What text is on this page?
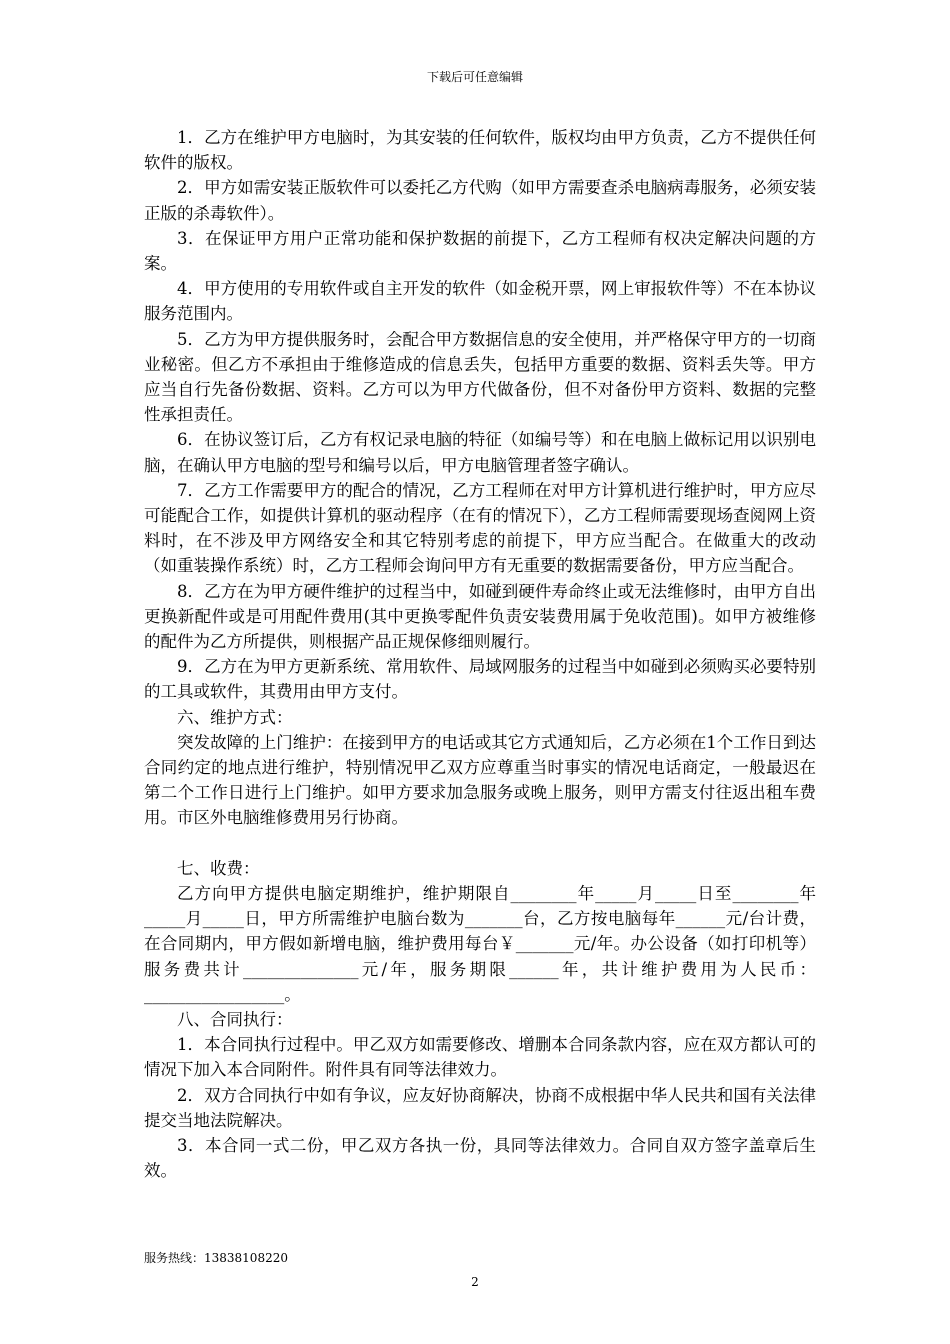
下载后可任意编辑

1．乙方在维护甲方电脑时，为其安装的任何软件，版权均由甲方负责，乙方不提供任何软件的版权。

2．甲方如需安装正版软件可以委托乙方代购（如甲方需要查杀电脑病毒服务，必须安装正版的杀毒软件）。

3．在保证甲方用户正常功能和保护数据的前提下，乙方工程师有权决定解决问题的方案。

4．甲方使用的专用软件或自主开发的软件（如金税开票，网上审报软件等）不在本协议服务范围内。

5．乙方为甲方提供服务时，会配合甲方数据信息的安全使用，并严格保守甲方的一切商业秘密。但乙方不承担由于维修造成的信息丢失，包括甲方重要的数据、资料丢失等。甲方应当自行先备份数据、资料。乙方可以为甲方代做备份，但不对备份甲方资料、数据的完整性承担责任。

6．在协议签订后，乙方有权记录电脑的特征（如编号等）和在电脑上做标记用以识别电脑，在确认甲方电脑的型号和编号以后，甲方电脑管理者签字确认。

7．乙方工作需要甲方的配合的情况，乙方工程师在对甲方计算机进行维护时，甲方应尽可能配合工作，如提供计算机的驱动程序（在有的情况下），乙方工程师需要现场查阅网上资料时，在不涉及甲方网络安全和其它特别考虑的前提下，甲方应当配合。在做重大的改动（如重装操作系统）时，乙方工程师会询问甲方有无重要的数据需要备份，甲方应当配合。

8．乙方在为甲方硬件维护的过程当中，如碰到硬件寿命终止或无法维修时，由甲方自出更换新配件或是可用配件费用(其中更换零配件负责安装费用属于免收范围)。如甲方被维修的配件为乙方所提供，则根据产品正规保修细则履行。

9．乙方在为甲方更新系统、常用软件、局域网服务的过程当中如碰到必须购买必要特别的工具或软件，其费用由甲方支付。

六、维护方式：

突发故障的上门维护：在接到甲方的电话或其它方式通知后，乙方必须在1个工作日到达合同约定的地点进行维护，特别情况甲乙双方应尊重当时事实的情况电话商定，一般最迟在第二个工作日进行上门维护。如甲方要求加急服务或晚上服务，则甲方需支付往返出租车费用。市区外电脑维修费用另行协商。

七、收费：

乙方向甲方提供电脑定期维护，维护期限自________年_____月_____日至________年_____月_____日，甲方所需维护电脑台数为_______台，乙方按电脑每年______元/台计费，在合同期内，甲方假如新增电脑，维护费用每台￥_______元/年。办公设备（如打印机等）服务费共计______________元/年，服务期限______年，共计维护费用为人民币：_________________。

八、合同执行：

1．本合同执行过程中。甲乙双方如需要修改、增删本合同条款内容，应在双方都认可的情况下加入本合同附件。附件具有同等法律效力。

2．双方合同执行中如有争议，应友好协商解决，协商不成根据中华人民共和国有关法律提交当地法院解决。

3．本合同一式二份，甲乙双方各执一份，具同等法律效力。合同自双方签字盖章后生效。

服务热线：13838108220
2
